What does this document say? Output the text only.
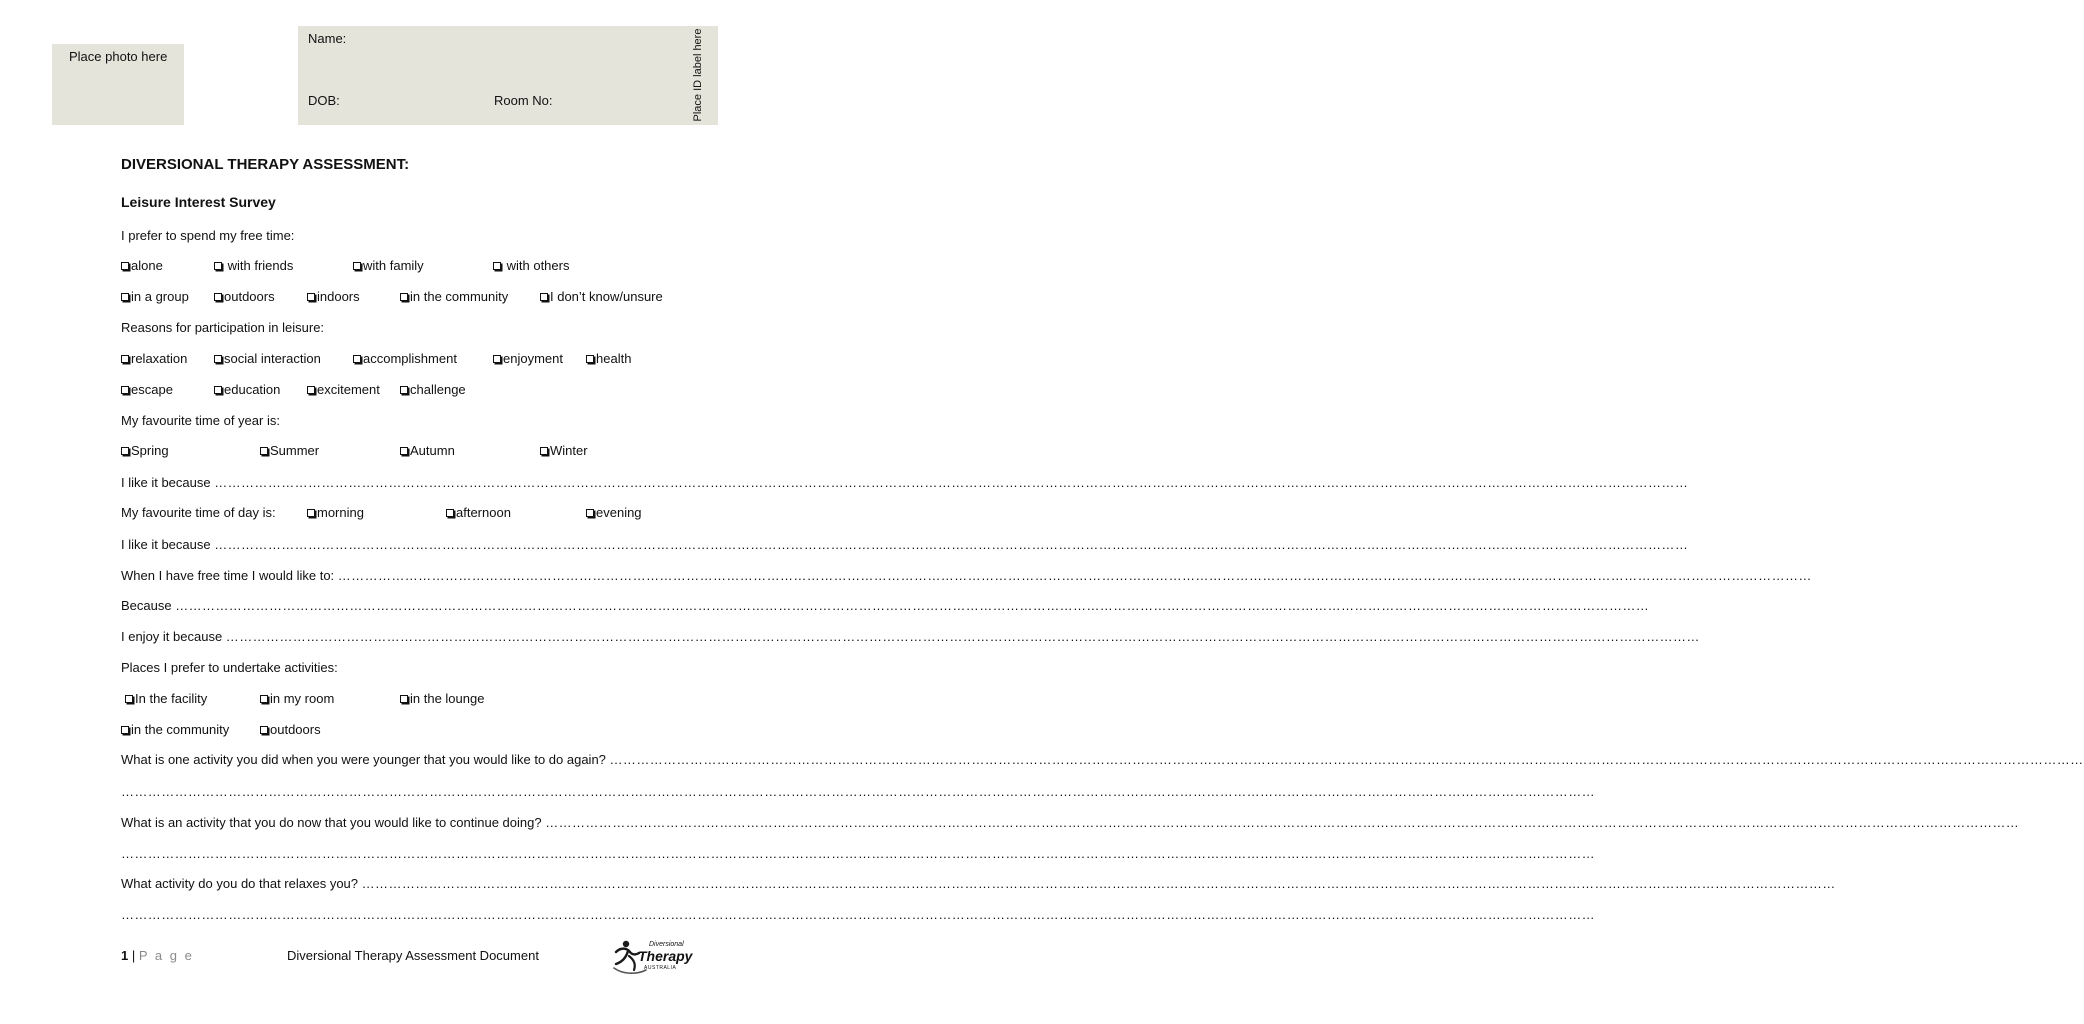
Place photo here
Name:
DOB:	Room No:	Place ID label here
DIVERSIONAL THERAPY ASSESSMENT:
Leisure Interest Survey
I prefer to spend my free time:
alone	with friends	with family	with others
in a group	outdoors	indoors	in the community	I don’t know/unsure
Reasons for participation in leisure:
relaxation	social interaction	accomplishment	enjoyment	health
escape	education	excitement	challenge
My favourite time of year is:
Spring	Summer	Autumn	Winter
I like it because ……………………………………………………………………………………………………………………………………………………………………………………………………………………………………………………………………………………………………
My favourite time of day is:	morning	afternoon	evening
I like it because ……………………………………………………………………………………………………………………………………………………………………………………………………………………………………………………………………………………………………
When I have free time I would like to: ……………………………………………………………………………………………………………………………………………………………………………………………………………………………………………………………………………………………………
Because ……………………………………………………………………………………………………………………………………………………………………………………………………………………………………………………………………………………………………
I enjoy it because ……………………………………………………………………………………………………………………………………………………………………………………………………………………………………………………………………………………………………
Places I prefer to undertake activities:
In the facility	in my room	in the lounge
in the community	outdoors
What is one activity you did when you were younger that you would like to do again? ……………………………………………………………………………………………………………………………………………………………………………………………………………………………………………………………………………………………………
……………………………………………………………………………………………………………………………………………………………………………………………………………………………………………………………………………………………………
What is an activity that you do now that you would like to continue doing? ……………………………………………………………………………………………………………………………………………………………………………………………………………………………………………………………………………………………………
……………………………………………………………………………………………………………………………………………………………………………………………………………………………………………………………………………………………………
What activity do you do that relaxes you? ……………………………………………………………………………………………………………………………………………………………………………………………………………………………………………………………………………………………………
……………………………………………………………………………………………………………………………………………………………………………………………………………………………………………………………………………………………………
1 | P a g e	Diversional Therapy Assessment Document
Diversional
Therapy
AUSTRALIA
